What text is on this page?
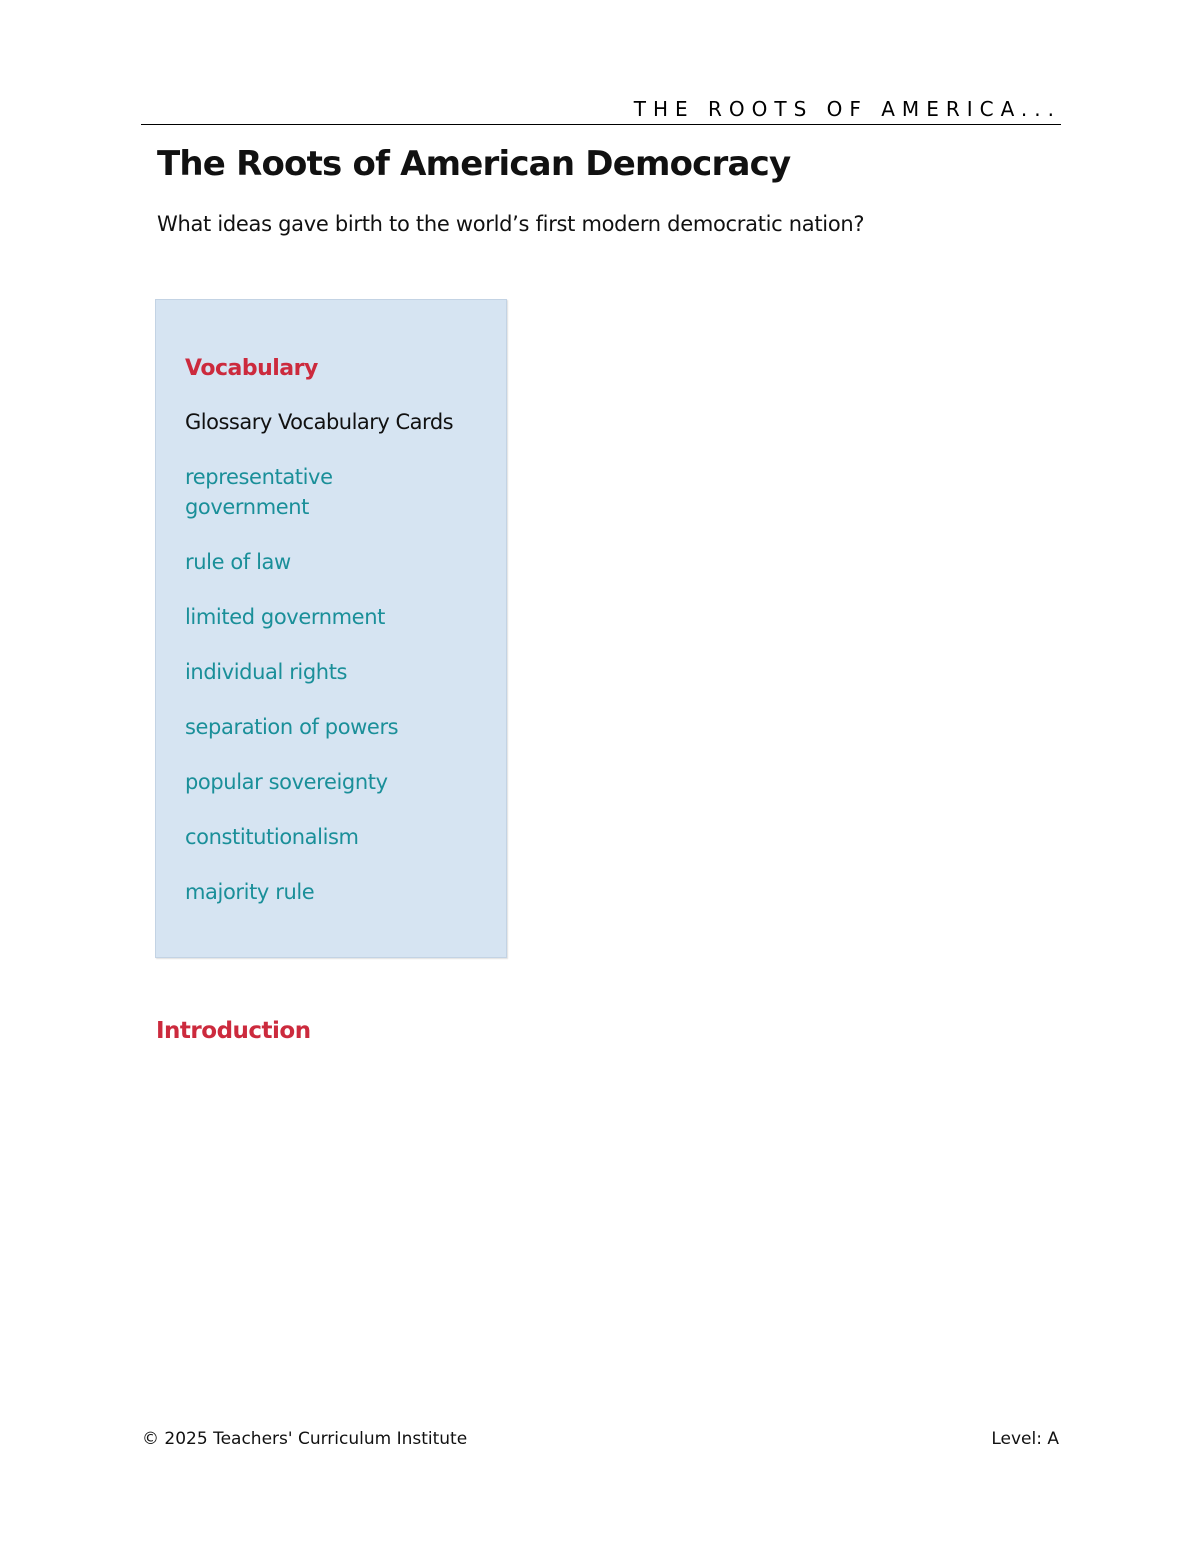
THE ROOTS OF AMERICA...
The Roots of American Democracy

What ideas gave birth to the world’s first modern democratic nation?

Vocabulary
Glossary Vocabulary Cards
representative government
rule of law
limited government
individual rights
separation of powers
popular sovereignty
constitutionalism
majority rule
Introduction
© 2025 Teachers' Curriculum Institute	Level: A
